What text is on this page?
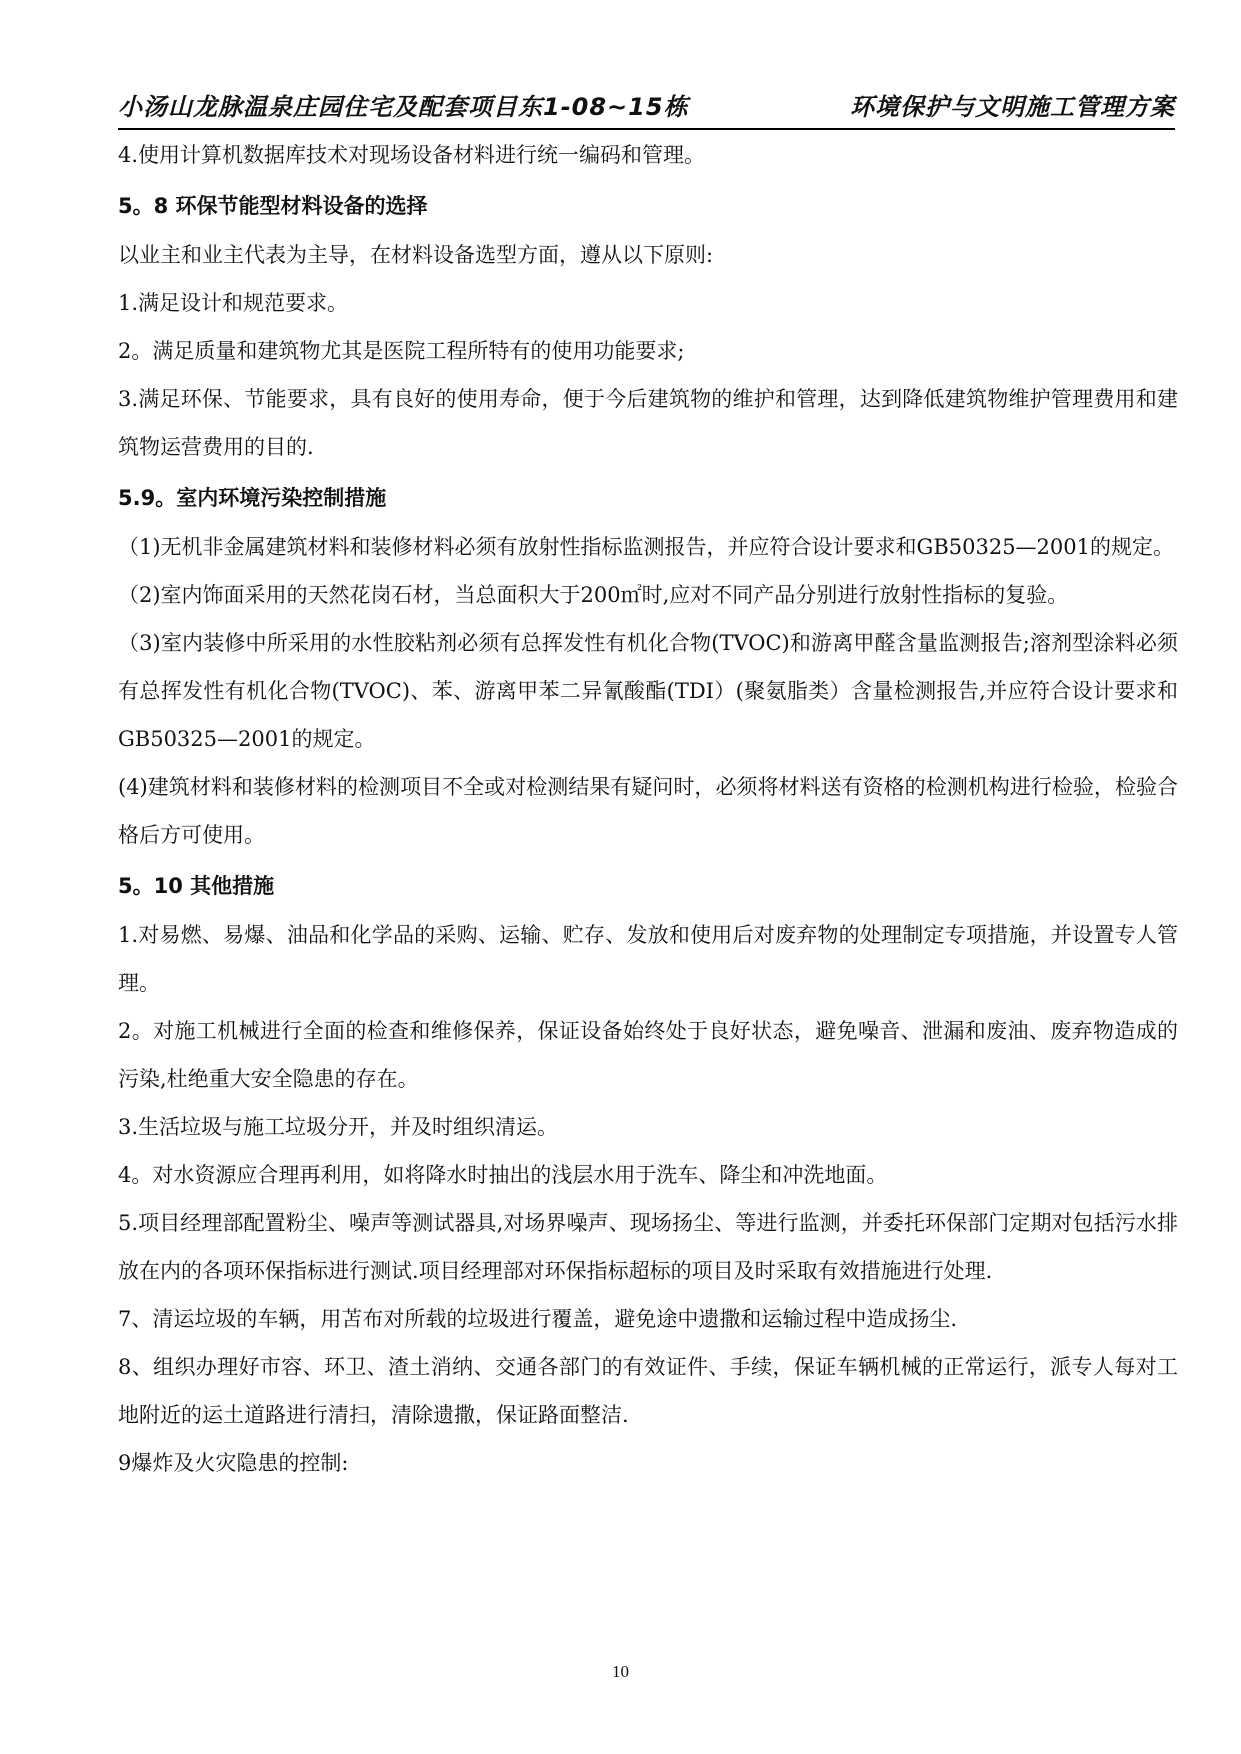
小汤山龙脉温泉庄园住宅及配套项目东1-08~15栋	环境保护与文明施工管理方案

4.使用计算机数据库技术对现场设备材料进行统一编码和管理。

5。8 环保节能型材料设备的选择

以业主和业主代表为主导，在材料设备选型方面，遵从以下原则:

1.满足设计和规范要求。

2。满足质量和建筑物尤其是医院工程所特有的使用功能要求;

3.满足环保、节能要求，具有良好的使用寿命，便于今后建筑物的维护和管理，达到降低建筑物维护管理费用和建筑物运营费用的目的.

5.9。室内环境污染控制措施

（1)无机非金属建筑材料和装修材料必须有放射性指标监测报告，并应符合设计要求和GB50325—2001的规定。

（2)室内饰面采用的天然花岗石材，当总面积大于200㎡时,应对不同产品分别进行放射性指标的复验。

（3)室内装修中所采用的水性胶粘剂必须有总挥发性有机化合物(TVOC)和游离甲醛含量监测报告;溶剂型涂料必须有总挥发性有机化合物(TVOC)、苯、游离甲苯二异氰酸酯(TDI）(聚氨脂类）含量检测报告,并应符合设计要求和GB50325—2001的规定。

(4)建筑材料和装修材料的检测项目不全或对检测结果有疑问时，必须将材料送有资格的检测机构进行检验，检验合格后方可使用。

5。10 其他措施

1.对易燃、易爆、油品和化学品的采购、运输、贮存、发放和使用后对废弃物的处理制定专项措施，并设置专人管理。

2。对施工机械进行全面的检查和维修保养，保证设备始终处于良好状态，避免噪音、泄漏和废油、废弃物造成的污染,杜绝重大安全隐患的存在。

3.生活垃圾与施工垃圾分开，并及时组织清运。

4。对水资源应合理再利用，如将降水时抽出的浅层水用于洗车、降尘和冲洗地面。

5.项目经理部配置粉尘、噪声等测试器具,对场界噪声、现场扬尘、等进行监测，并委托环保部门定期对包括污水排放在内的各项环保指标进行测试.项目经理部对环保指标超标的项目及时采取有效措施进行处理.

7、清运垃圾的车辆，用苫布对所载的垃圾进行覆盖，避免途中遗撒和运输过程中造成扬尘.

8、组织办理好市容、环卫、渣土消纳、交通各部门的有效证件、手续，保证车辆机械的正常运行，派专人每对工地附近的运土道路进行清扫，清除遗撒，保证路面整洁.

9爆炸及火灾隐患的控制:

10
